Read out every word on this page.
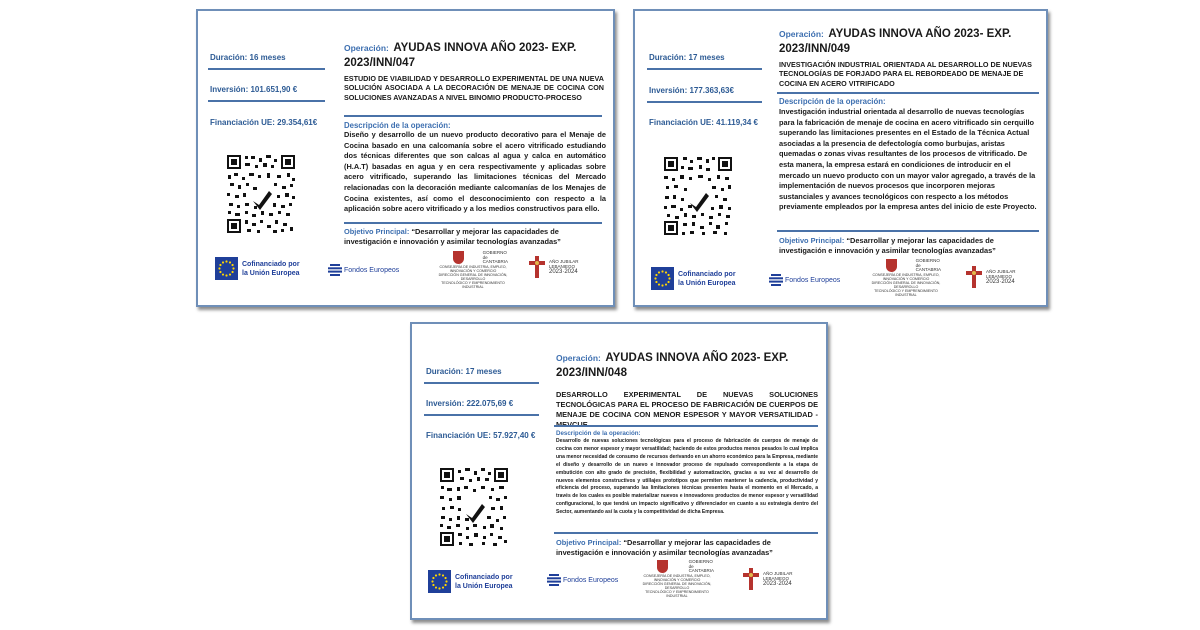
Duración: 16 meses
Inversión: 101.651,90 €
Financiación UE: 29.354,61€
Operación: AYUDAS INNOVA AÑO 2023- EXP.
2023/INN/047
ESTUDIO DE VIABILIDAD Y DESARROLLO EXPERIMENTAL DE UNA NUEVA SOLUCIÓN ASOCIADA A LA DECORACIÓN DE MENAJE DE COCINA CON SOLUCIONES AVANZADAS A NIVEL BINOMIO PRODUCTO-PROCESO
Descripción de la operación:
Diseño y desarrollo de un nuevo producto decorativo para el Menaje de Cocina basado en una calcomanía sobre el acero vitrificado estudiando dos técnicas diferentes que son calcas al agua y calca en automático (H.A.T) basadas en agua y en cera respectivamente y aplicadas sobre acero vitrificado, superando las limitaciones técnicas del Mercado relacionadas con la decoración mediante calcomanías de los Menajes de Cocina existentes, así como el desconocimiento con respecto a la aplicación sobre acero vitrificado y a los medios constructivos para ello.
Objetivo Principal: “Desarrollar y mejorar las capacidades de investigación e innovación y asimilar tecnologías avanzadas”
Cofinanciado por
la Unión Europea	Fondos Europeos
GOBIERNO
de
CANTABRIA
CONSEJERÍA DE INDUSTRIA, EMPLEO,
INNOVACIÓN Y COMERCIO
DIRECCIÓN GENERAL DE INNOVACIÓN, DESARROLLO
TECNOLÓGICO Y EMPRENDIMIENTO INDUSTRIAL
AÑO JUBILAR
LEBANIEGO
2023·2024
Duración: 17 meses
Inversión: 177.363,63€
Financiación UE: 41.119,34 €
Operación: AYUDAS INNOVA AÑO 2023- EXP.
2023/INN/049
INVESTIGACIÓN INDUSTRIAL ORIENTADA AL DESARROLLO DE NUEVAS TECNOLOGÍAS DE FORJADO PARA EL REBORDEADO DE MENAJE DE COCINA EN ACERO VITRIFICADO
Descripción de la operación:
Investigación industrial orientada al desarrollo de nuevas tecnologías para la fabricación de menaje de cocina en acero vitrificado sin cerquillo superando las limitaciones presentes en el Estado de la Técnica Actual asociadas a la presencia de defectología como burbujas, aristas quemadas o zonas vivas resultantes de los procesos de vitrificado. De esta manera, la empresa estará en condiciones de introducir en el mercado un nuevo producto con un mayor valor agregado, a través de la implementación de nuevos procesos que incorporen mejoras sustanciales y avances tecnológicos con respecto a los métodos previamente empleados por la empresa antes del inicio de este Proyecto.
Objetivo Principal: “Desarrollar y mejorar las capacidades de investigación e innovación y asimilar tecnologías avanzadas”
Cofinanciado por
la Unión Europea	Fondos Europeos
GOBIERNO
de
CANTABRIA
CONSEJERÍA DE INDUSTRIA, EMPLEO,
INNOVACIÓN Y COMERCIO
DIRECCIÓN GENERAL DE INNOVACIÓN, DESARROLLO
TECNOLÓGICO Y EMPRENDIMIENTO INDUSTRIAL
AÑO JUBILAR
LEBANIEGO
2023·2024
Duración: 17 meses
Inversión: 222.075,69 €
Financiación UE: 57.927,40 €
Operación: AYUDAS INNOVA AÑO 2023- EXP.
2023/INN/048
DESARROLLO EXPERIMENTAL DE NUEVAS SOLUCIONES TECNOLÓGICAS PARA EL PROCESO DE FABRICACIÓN DE CUERPOS DE MENAJE DE COCINA CON MENOR ESPESOR Y MAYOR VERSATILIDAD -
Descripción de la operación:
Desarrollo de nuevas soluciones tecnológicas para el proceso de fabricación de cuerpos de menaje de cocina con menor espesor y mayor versatilidad; haciendo de estos productos menos pesados lo cual implica una menor necesidad de consumo de recursos derivando en un ahorro económico para la Empresa, mediante el diseño y desarrollo de un nuevo e innovador proceso de repulsado correspondiente a la etapa de embutición con alto grado de precisión, flexibilidad y automatización, gracias a su vez al desarrollo de nuevos elementos constructivos y utillajes prototipos que permiten mantener la cadencia, productividad y eficiencia del proceso, superando las limitaciones técnicas presentes hasta el momento en el Mercado, a través de los cuales es posible materializar nuevos e innovadores productos de menor espesor y versatilidad configuracional, lo que tendrá un impacto significativo y diferenciador en cuanto a su estrategia dentro del Sector, aumentando así la cuota y la competitividad de dicha Empresa.
Objetivo Principal: “Desarrollar y mejorar las capacidades de investigación e innovación y asimilar tecnologías avanzadas”
Cofinanciado por
la Unión Europea
Fondos Europeos
GOBIERNO
de
CANTABRIA
CONSEJERÍA DE INDUSTRIA, EMPLEO,
INNOVACIÓN Y COMERCIO
DIRECCIÓN GENERAL DE INNOVACIÓN, DESARROLLO
TECNOLÓGICO Y EMPRENDIMIENTO INDUSTRIAL
AÑO JUBILAR
LEBANIEGO
2023·2024
